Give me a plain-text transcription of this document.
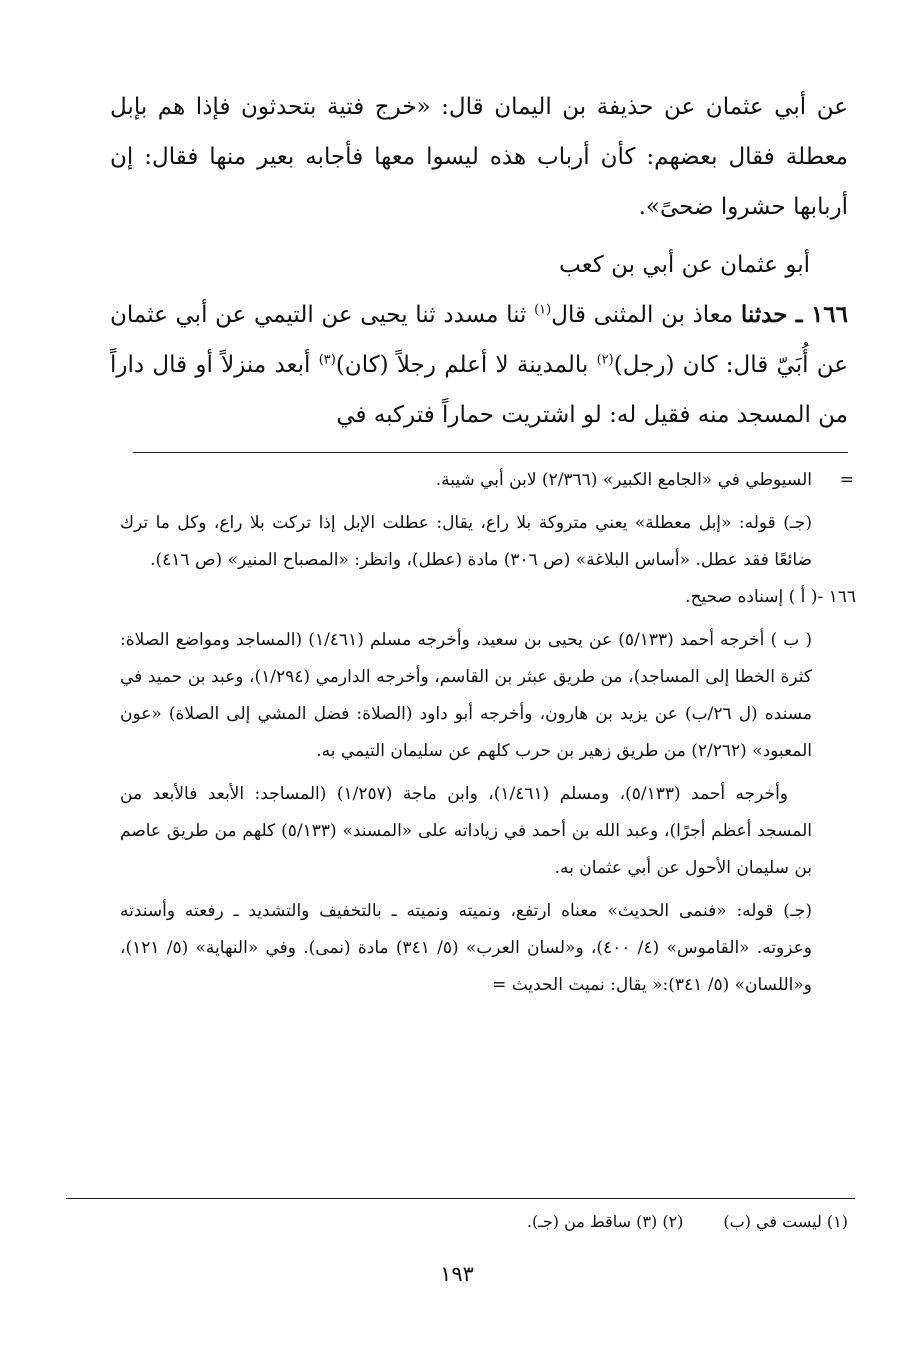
عن أبي عثمان عن حذيفة بن اليمان قال: «خرج فتية بتحدثون فإذا هم بإبل معطلة فقال بعضهم: كأن أرباب هذه ليسوا معها فأجابه بعير منها فقال: إن أربابها حشروا ضحىً».

أبو عثمان عن أبي بن كعب

١٦٦ ـ حدثنا معاذ بن المثنى قال$^{(١)}$ ثنا مسدد ثنا يحيى عن التيمي عن أبي عثمان عن أُبَيّ قال: كان (رجل)$^{(٢)}$ بالمدينة لا أعلم رجلاً (كان)$^{(٣)}$ أبعد منزلاً أو قال داراً من المسجد منه فقيل له: لو اشتريت حماراً فتركبه في

=
السيوطي في «الجامع الكبير» (٢/٣٦٦) لابن أبي شيبة.

(جـ) قوله: «إبل معطلة» يعني متروكة بلا راع، يقال: عطلت الإبل إذا تركت بلا راع، وكل ما ترك ضائعًا فقد عطل. «أساس البلاغة» (ص ٣٠٦) مادة (عطل)، وانظر: «المصباح المنير» (ص ٤١٦).

١٦٦ -( أ ) إسناده صحيح.

( ب ) أخرجه أحمد (٥/١٣٣) عن يحيى بن سعيد، وأخرجه مسلم (١/٤٦١) (المساجد ومواضع الصلاة: كثرة الخطا إلى المساجد)، من طريق عبثر بن القاسم، وأخرجه الدارمي (١/٢٩٤)، وعبد بن حميد في مسنده (ل ٢٦/ب) عن يزيد بن هارون، وأخرجه أبو داود (الصلاة: فضل المشي إلى الصلاة) «عون المعبود» (٢/٢٦٢) من طريق زهير بن حرب كلهم عن سليمان التيمي به.

وأخرجه أحمد (٥/١٣٣)، ومسلم (١/٤٦١)، وابن ماجة (١/٢٥٧) (المساجد: الأبعد فالأبعد من المسجد أعظم أجرًا)، وعبد الله بن أحمد في زياداته على «المسند» (٥/١٣٣) كلهم من طريق عاصم بن سليمان الأحول عن أبي عثمان به.

(جـ) قوله: «فنمى الحديث» معناه ارتفع، ونميته ونميته ـ بالتخفيف والتشديد ـ رفعته وأسندته وعزوته. «القاموس» (٤/ ٤٠٠)، و«لسان العرب» (٥/ ٣٤١) مادة (نمى). وفي «النهاية» (٥/ ١٢١)، و«اللسان» (٥/ ٣٤١):« يقال: نميت الحديث =

(١) ليست في (ب)
(٢) (٣) ساقط من (جـ).
١٩٣
